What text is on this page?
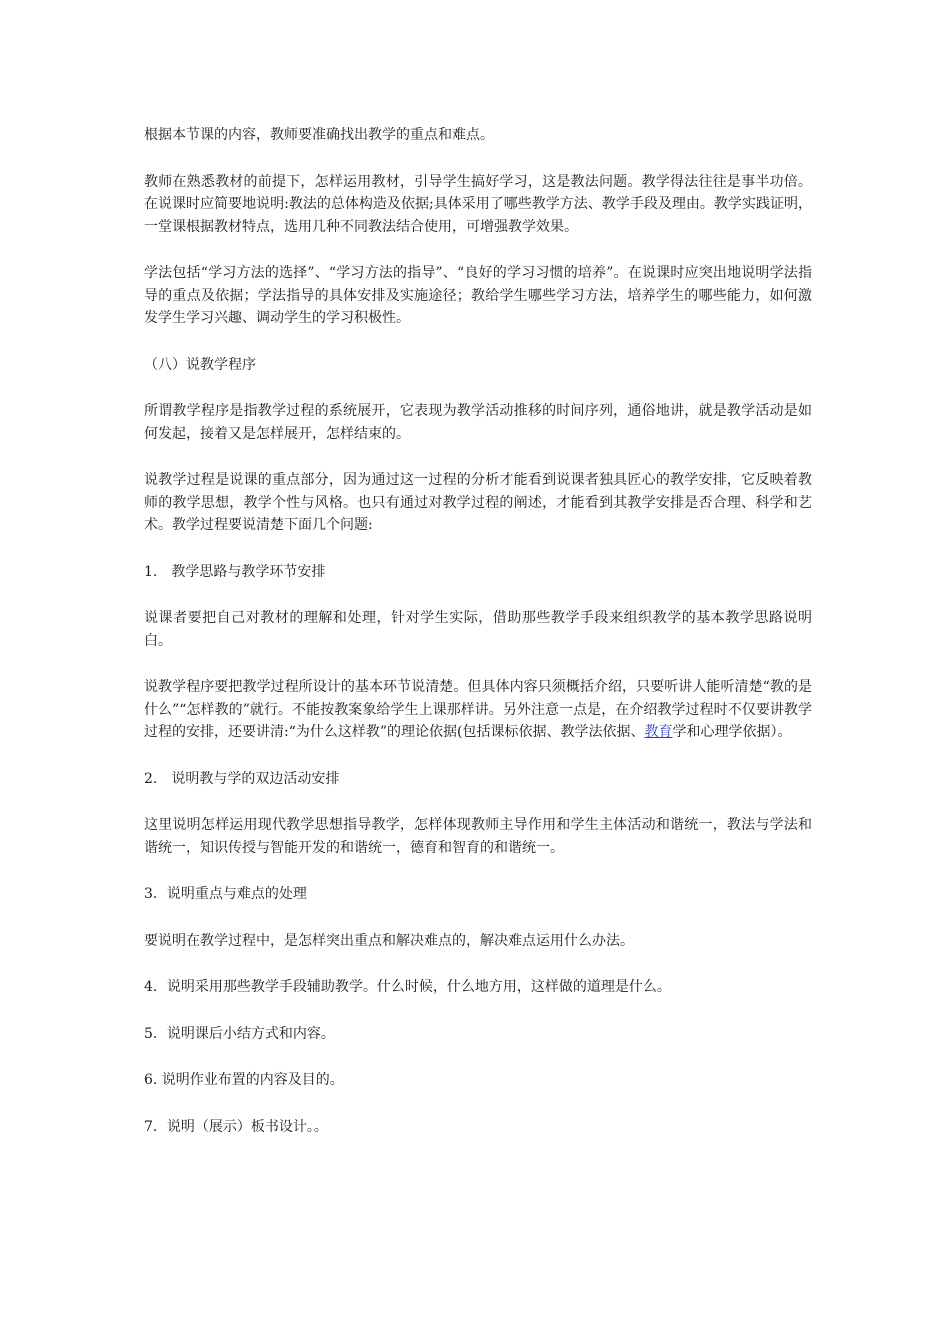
根据本节课的内容，教师要准确找出教学的重点和难点。

教师在熟悉教材的前提下，怎样运用教材，引导学生搞好学习，这是教法问题。教学得法往往是事半功倍。在说课时应简要地说明:教法的总体构造及依据;具体采用了哪些教学方法、教学手段及理由。教学实践证明，一堂课根据教材特点，选用几种不同教法结合使用，可增强教学效果。

学法包括“学习方法的选择”、“学习方法的指导”、“良好的学习习惯的培养”。在说课时应突出地说明学法指导的重点及依据；学法指导的具体安排及实施途径；教给学生哪些学习方法，培养学生的哪些能力，如何激发学生学习兴趣、调动学生的学习积极性。

（八）说教学程序

所谓教学程序是指教学过程的系统展开，它表现为教学活动推移的时间序列，通俗地讲，就是教学活动是如何发起，接着又是怎样展开，怎样结束的。

说教学过程是说课的重点部分，因为通过这一过程的分析才能看到说课者独具匠心的教学安排，它反映着教师的教学思想，教学个性与风格。也只有通过对教学过程的阐述，才能看到其教学安排是否合理、科学和艺术。教学过程要说清楚下面几个问题:

1.　教学思路与教学环节安排

说课者要把自己对教材的理解和处理，针对学生实际，借助那些教学手段来组织教学的基本教学思路说明白。

说教学程序要把教学过程所设计的基本环节说清楚。但具体内容只须概括介绍，只要听讲人能听清楚“教的是什么”“怎样教的”就行。不能按教案象给学生上课那样讲。另外注意一点是，在介绍教学过程时不仅要讲教学过程的安排，还要讲清:“为什么这样教”的理论依据(包括课标依据、教学法依据、教育学和心理学依据）。

2.　说明教与学的双边活动安排

这里说明怎样运用现代教学思想指导教学，怎样体现教师主导作用和学生主体活动和谐统一，教法与学法和谐统一，知识传授与智能开发的和谐统一，德育和智育的和谐统一。

3．说明重点与难点的处理

要说明在教学过程中，是怎样突出重点和解决难点的，解决难点运用什么办法。

4．说明采用那些教学手段辅助教学。什么时候，什么地方用，这样做的道理是什么。

5．说明课后小结方式和内容。

6. 说明作业布置的内容及目的。

7．说明（展示）板书设计。。
